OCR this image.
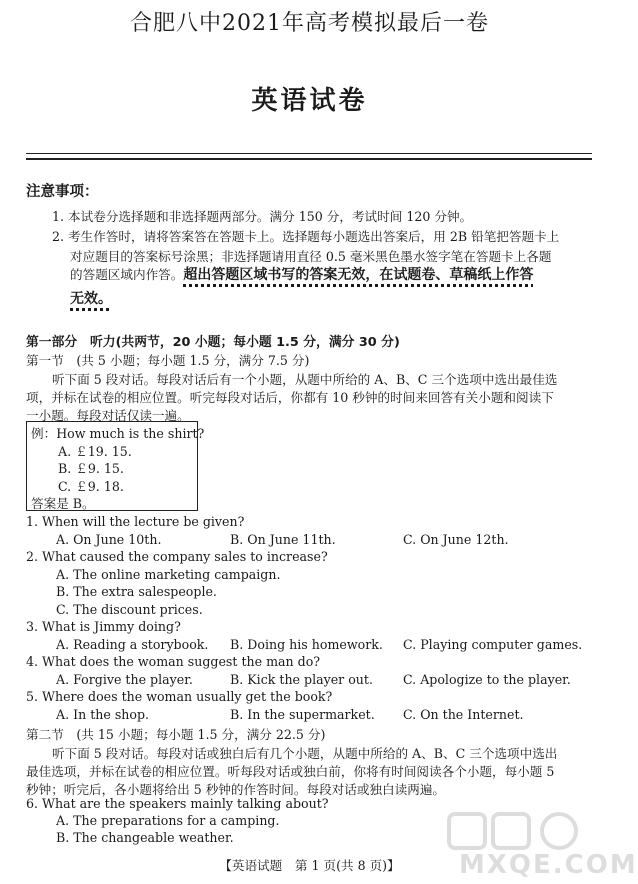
合肥八中2021年高考模拟最后一卷
英语试卷
注意事项：
1. 本试卷分选择题和非选择题两部分。满分 150 分，考试时间 120 分钟。
2. 考生作答时，请将答案答在答题卡上。选择题每小题选出答案后，用 2B 铅笔把答题卡上
对应题目的答案标号涂黑；非选择题请用直径 0.5 毫米黑色墨水签字笔在答题卡上各题
的答题区域内作答。超出答题区域书写的答案无效，在试题卷、草稿纸上作答
无效。
第一部分　听力(共两节，20 小题；每小题 1.5 分，满分 30 分)
第一节　(共 5 小题；每小题 1.5 分，满分 7.5 分)
听下面 5 段对话。每段对话后有一个小题，从题中所给的 A、B、C 三个选项中选出最佳选
项，并标在试卷的相应位置。听完每段对话后，你都有 10 秒钟的时间来回答有关小题和阅读下
一小题。每段对话仅读一遍。
例：How much is the shirt?
A. ￡19. 15.
B. ￡9. 15.
C. ￡9. 18.
答案是 B。
1. When will the lecture be given?
A. On June 10th.	B. On June 11th.	C. On June 12th.
2. What caused the company sales to increase?
A. The online marketing campaign.
B. The extra salespeople.
C. The discount prices.
3. What is Jimmy doing?
A. Reading a storybook. B. Doing his homework. C. Playing computer games.
4. What does the woman suggest the man do?
A. Forgive the player.	B. Kick the player out. C. Apologize to the player.
5. Where does the woman usually get the book?
A. In the shop.	B. In the supermarket. C. On the Internet.
第二节　(共 15 小题；每小题 1.5 分，满分 22.5 分)
听下面 5 段对话。每段对话或独白后有几个小题，从题中所给的 A、B、C 三个选项中选出
最佳选项，并标在试卷的相应位置。听每段对话或独白前，你将有时间阅读各个小题，每小题 5
秒钟；听完后，各小题将给出 5 秒钟的作答时间。每段对话或独白读两遍。
6. What are the speakers mainly talking about?
A. The preparations for a camping.
B. The changeable weather.
【英语试题　第 1 页(共 8 页)】	MXQE.COM
